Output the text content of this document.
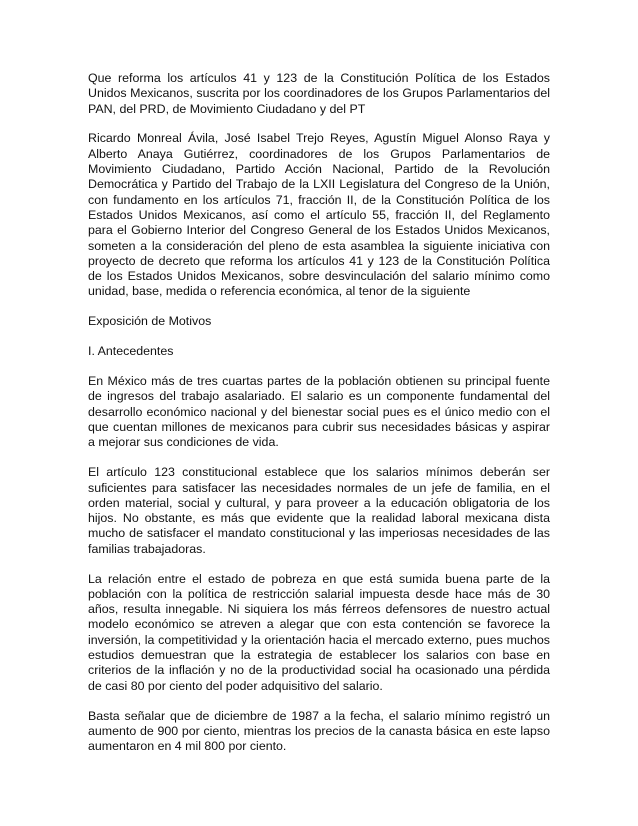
Que reforma los artículos 41 y 123 de la Constitución Política de los Estados Unidos Mexicanos, suscrita por los coordinadores de los Grupos Parlamentarios del PAN, del PRD, de Movimiento Ciudadano y del PT

Ricardo Monreal Ávila, José Isabel Trejo Reyes, Agustín Miguel Alonso Raya y Alberto Anaya Gutiérrez, coordinadores de los Grupos Parlamentarios de Movimiento Ciudadano, Partido Acción Nacional, Partido de la Revolución Democrática y Partido del Trabajo de la LXII Legislatura del Congreso de la Unión, con fundamento en los artículos 71, fracción II, de la Constitución Política de los Estados Unidos Mexicanos, así como el artículo 55, fracción II, del Reglamento para el Gobierno Interior del Congreso General de los Estados Unidos Mexicanos, someten a la consideración del pleno de esta asamblea la siguiente iniciativa con proyecto de decreto que reforma los artículos 41 y 123 de la Constitución Política de los Estados Unidos Mexicanos, sobre desvinculación del salario mínimo como unidad, base, medida o referencia económica, al tenor de la siguiente

Exposición de Motivos

I. Antecedentes

En México más de tres cuartas partes de la población obtienen su principal fuente de ingresos del trabajo asalariado. El salario es un componente fundamental del desarrollo económico nacional y del bienestar social pues es el único medio con el que cuentan millones de mexicanos para cubrir sus necesidades básicas y aspirar a mejorar sus condiciones de vida.

El artículo 123 constitucional establece que los salarios mínimos deberán ser suficientes para satisfacer las necesidades normales de un jefe de familia, en el orden material, social y cultural, y para proveer a la educación obligatoria de los hijos. No obstante, es más que evidente que la realidad laboral mexicana dista mucho de satisfacer el mandato constitucional y las imperiosas necesidades de las familias trabajadoras.

La relación entre el estado de pobreza en que está sumida buena parte de la población con la política de restricción salarial impuesta desde hace más de 30 años, resulta innegable. Ni siquiera los más férreos defensores de nuestro actual modelo económico se atreven a alegar que con esta contención se favorece la inversión, la competitividad y la orientación hacia el mercado externo, pues muchos estudios demuestran que la estrategia de establecer los salarios con base en criterios de la inflación y no de la productividad social ha ocasionado una pérdida de casi 80 por ciento del poder adquisitivo del salario.

Basta señalar que de diciembre de 1987 a la fecha, el salario mínimo registró un aumento de 900 por ciento, mientras los precios de la canasta básica en este lapso aumentaron en 4 mil 800 por ciento.
